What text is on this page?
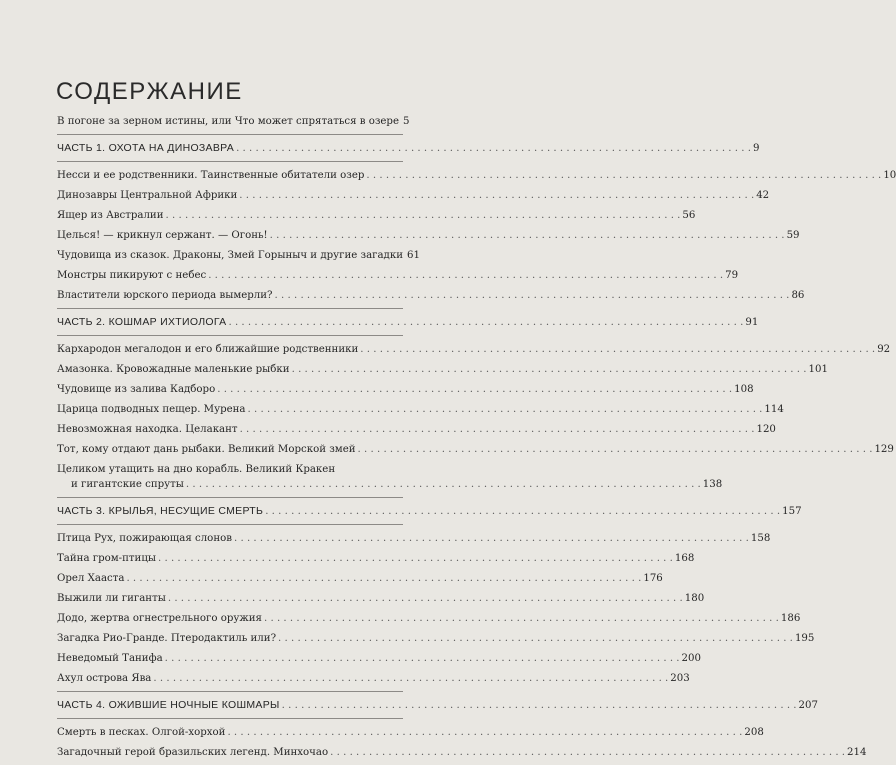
СОДЕРЖАНИЕ
В погоне за зерном истины, или Что может спрятаться в озере 5
ЧАСТЬ 1. ОХОТА НА ДИНОЗАВРА . . .	9
Несси и ее родственники. Таинственные обитатели озер . . .	10
Динозавры Центральной Африки . . .	42
Ящер из Австралии . . .	56
Целься! — крикнул сержант. — Огонь! . . .	59
Чудовища из сказок. Драконы, Змей Горыныч и другие загадки 61
Монстры пикируют с небес . . .	79
Властители юрского периода вымерли? . . .	86
ЧАСТЬ 2. КОШМАР ИХТИОЛОГА . . .	91
Кархародон мегалодон и его ближайшие родственники . . .	92
Амазонка. Кровожадные маленькие рыбки . . .	101
Чудовище из залива Кадборо . . .	108
Царица подводных пещер. Мурена . . .	114
Невозможная находка. Целакант . . .	120
Тот, кому отдают дань рыбаки. Великий Морской змей . . .	129
Целиком утащить на дно корабль. Великий Кракен
и гигантские спруты . . .	138
ЧАСТЬ 3. КРЫЛЬЯ, НЕСУЩИЕ СМЕРТЬ . . .	157
Птица Рух, пожирающая слонов . . .	158
Тайна гром-птицы . . .	168
Орел Хааста . . .	176
Выжили ли гиганты . . .	180
Додо, жертва огнестрельного оружия . . .	186
Загадка Рио-Гранде. Птеродактиль или? . . .	195
Неведомый Танифа . . .	200
Ахул острова Ява . . .	203
ЧАСТЬ 4. ОЖИВШИЕ НОЧНЫЕ КОШМАРЫ . . .	207
Смерть в песках. Олгой-хорхой . . .	208
Загадочный герой бразильских легенд. Минхочао . . .	214
